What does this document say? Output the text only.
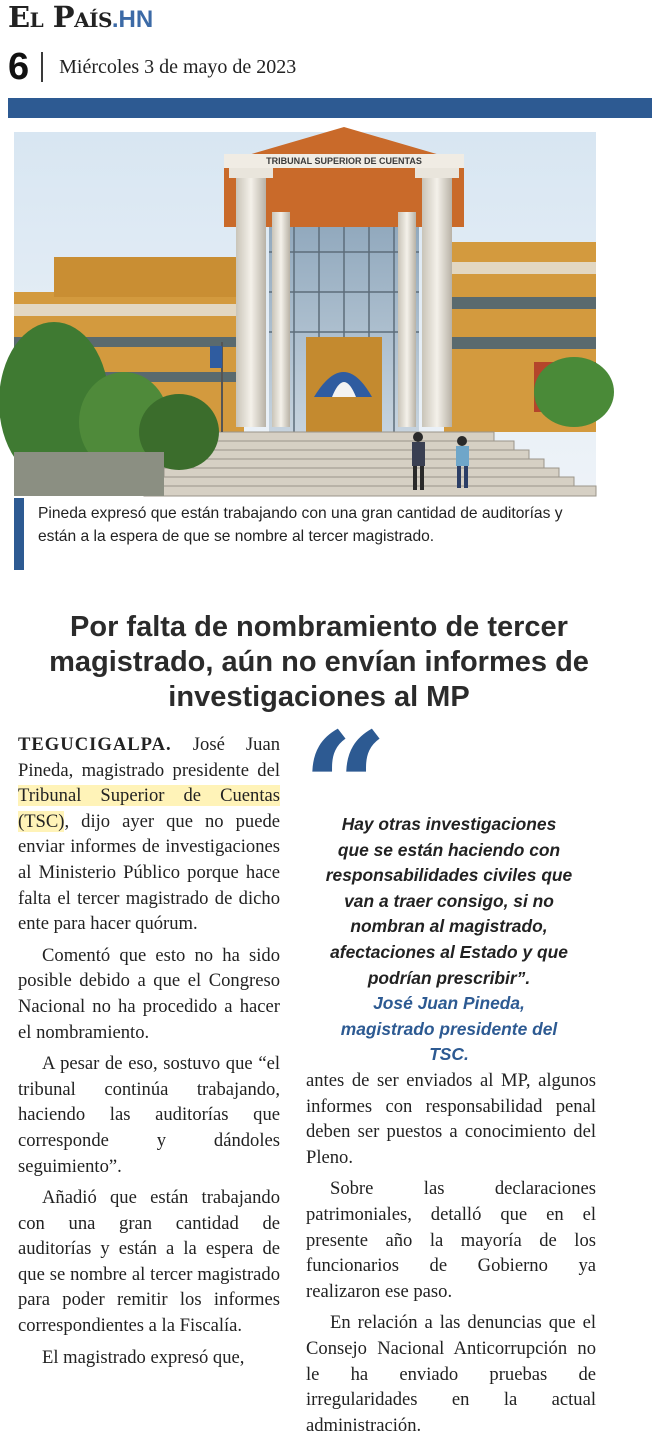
El País .HN
6 Miércoles 3 de mayo de 2023
TRIBUNAL SUPERIOR DE CUENTAS
Pineda expresó que están trabajando con una gran cantidad de auditorías y están a la espera de que se nombre al tercer magistrado.
Por falta de nombramiento de tercer magistrado, aún no envían informes de investigaciones al MP

TEGUCIGALPA. José Juan Pineda, magistrado presidente del Tribunal Superior de Cuentas (TSC), dijo ayer que no puede enviar informes de investigaciones al Ministerio Público porque hace falta el tercer magistrado de dicho ente para hacer quórum.

Comentó que esto no ha sido posible debido a que el Congreso Nacional no ha procedido a hacer el nombramiento.

A pesar de eso, sostuvo que “el tribunal continúa trabajando, haciendo las auditorías que corresponde y dándoles seguimiento”.

Añadió que están trabajando con una gran cantidad de auditorías y están a la espera de que se nombre al tercer magistrado para poder remitir los informes correspondientes a la Fiscalía.

El magistrado expresó que,

“

Hay otras investigaciones que se están haciendo con responsabilidades civiles que van a traer consigo, si no nombran al magistrado, afectaciones al Estado y que podrían prescribir”.

José Juan Pineda, magistrado presidente del TSC.

antes de ser enviados al MP, algunos informes con responsabilidad penal deben ser puestos a conocimiento del Pleno.

Sobre las declaraciones patrimoniales, detalló que en el presente año la mayoría de los funcionarios de Gobierno ya realizaron ese paso.

En relación a las denuncias que el Consejo Nacional Anticorrupción no le ha enviado pruebas de irregularidades en la actual administración.
